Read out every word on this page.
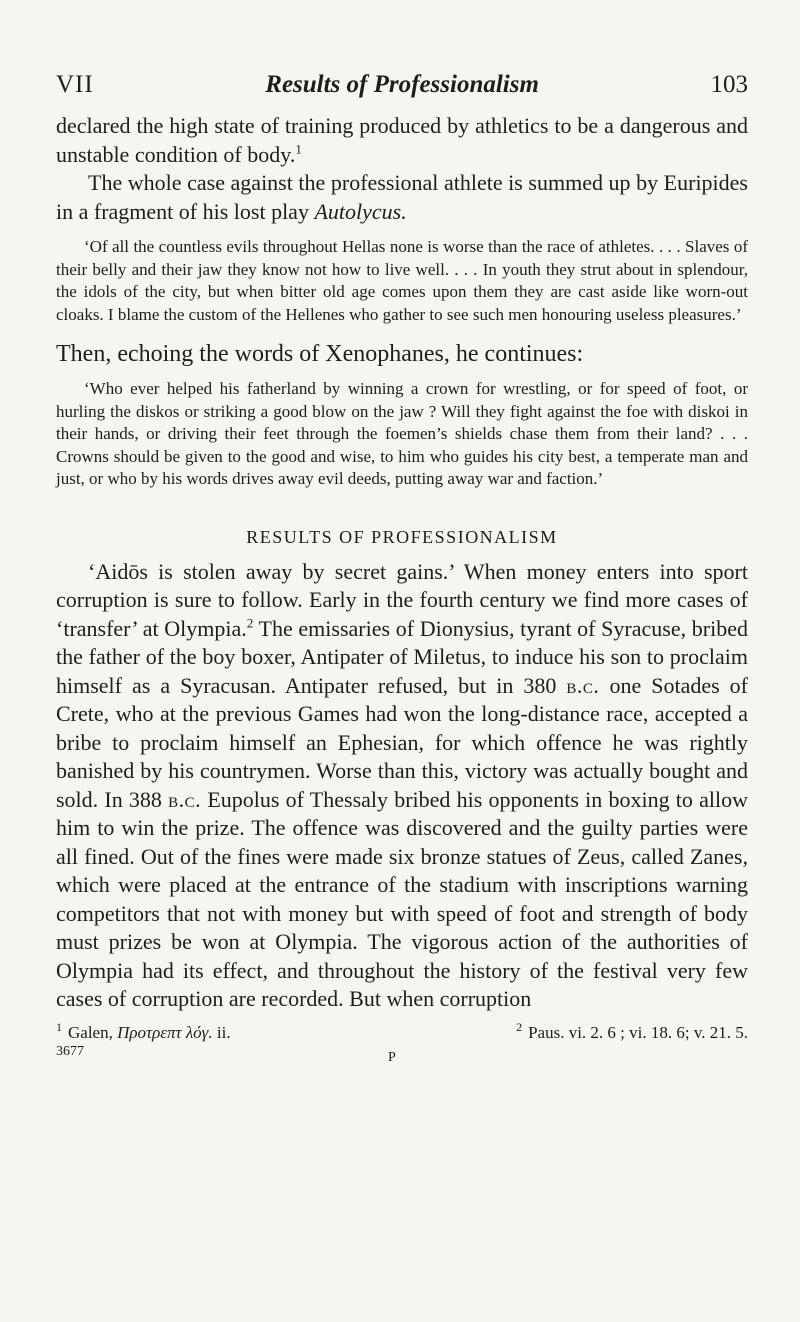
VII	Results of Professionalism	103

declared the high state of training produced by athletics to be a dangerous and unstable condition of body.$^1$

The whole case against the professional athlete is summed up by Euripides in a fragment of his lost play Autolycus.

‘Of all the countless evils throughout Hellas none is worse than the race of athletes. . . . Slaves of their belly and their jaw they know not how to live well. . . . In youth they strut about in splendour, the idols of the city, but when bitter old age comes upon them they are cast aside like worn-out cloaks. I blame the custom of the Hellenes who gather to see such men honouring useless pleasures.’

Then, echoing the words of Xenophanes, he continues:

‘Who ever helped his fatherland by winning a crown for wrestling, or for speed of foot, or hurling the diskos or striking a good blow on the jaw ? Will they fight against the foe with diskoi in their hands, or driving their feet through the foemen’s shields chase them from their land? . . . Crowns should be given to the good and wise, to him who guides his city best, a temperate man and just, or who by his words drives away evil deeds, putting away war and faction.’

RESULTS OF PROFESSIONALISM

‘Aidōs is stolen away by secret gains.’ When money enters into sport corruption is sure to follow. Early in the fourth century we find more cases of ‘transfer’ at Olympia.$^2$ The emissaries of Dionysius, tyrant of Syracuse, bribed the father of the boy boxer, Antipater of Miletus, to induce his son to proclaim himself as a Syracusan. Antipater refused, but in 380 b.c. one Sotades of Crete, who at the previous Games had won the long-distance race, accepted a bribe to proclaim himself an Ephesian, for which offence he was rightly banished by his countrymen. Worse than this, victory was actually bought and sold. In 388 b.c. Eupolus of Thessaly bribed his opponents in boxing to allow him to win the prize. The offence was discovered and the guilty parties were all fined. Out of the fines were made six bronze statues of Zeus, called Zanes, which were placed at the entrance of the stadium with inscriptions warning competitors that not with money but with speed of foot and strength of body must prizes be won at Olympia. The vigorous action of the authorities of Olympia had its effect, and throughout the history of the festival very few cases of corruption are recorded. But when corruption

$^1$ Galen, Προτρεπτ λόγ. ii.	$^2$ Paus. vi. 2. 6 ; vi. 18. 6; v. 21. 5.
3677	P
